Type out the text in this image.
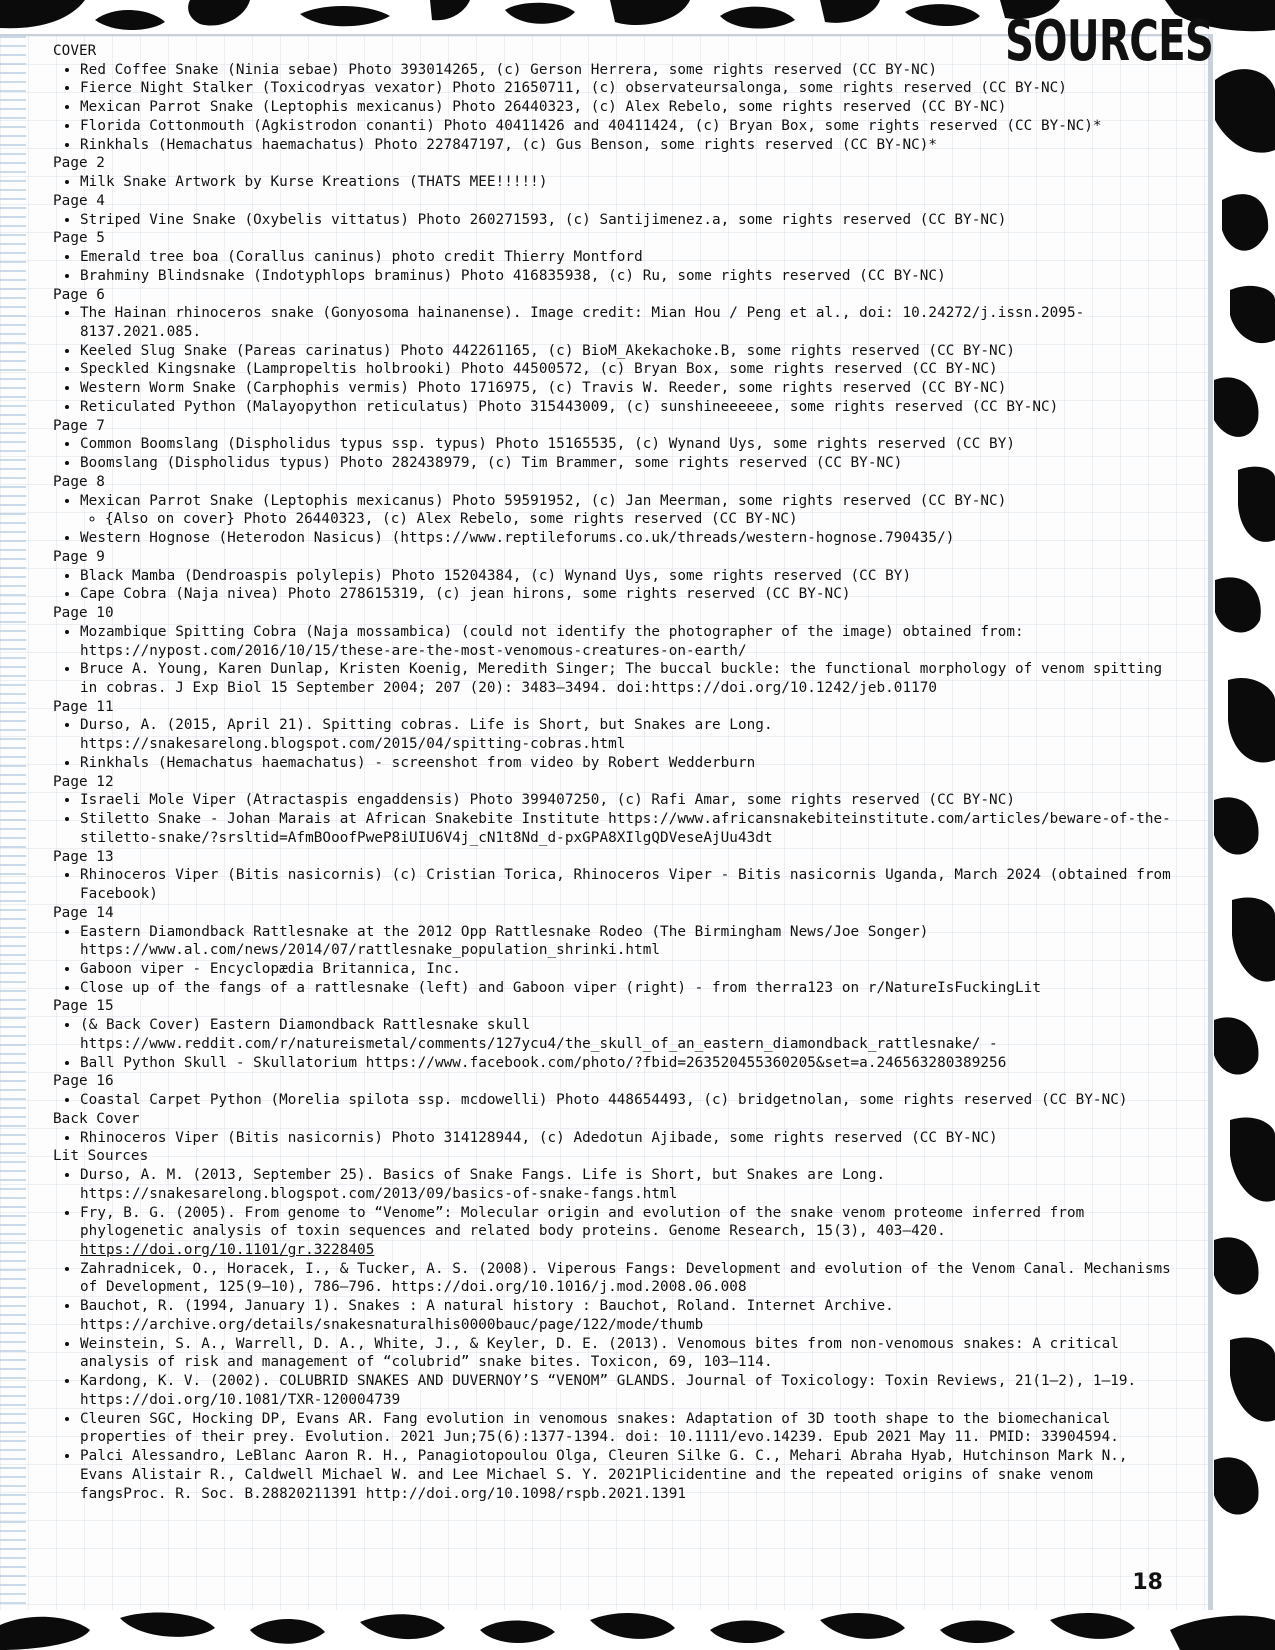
SOURCES

COVER

• Red Coffee Snake (Ninia sebae) Photo 393014265, (c) Gerson Herrera, some rights reserved (CC BY-NC)
• Fierce Night Stalker (Toxicodryas vexator) Photo 21650711, (c) observateursalonga, some rights reserved (CC BY-NC)
• Mexican Parrot Snake (Leptophis mexicanus) Photo 26440323, (c) Alex Rebelo, some rights reserved (CC BY-NC)
• Florida Cottonmouth (Agkistrodon conanti) Photo 40411426 and 40411424, (c) Bryan Box, some rights reserved (CC BY-NC)*
• Rinkhals (Hemachatus haemachatus) Photo 227847197, (c) Gus Benson, some rights reserved (CC BY-NC)*

Page 2

• Milk Snake Artwork by Kurse Kreations (THATS MEE!!!!!)

Page 4

• Striped Vine Snake (Oxybelis vittatus) Photo 260271593, (c) Santijimenez.a, some rights reserved (CC BY-NC)

Page 5

• Emerald tree boa (Corallus caninus) photo credit Thierry Montford
• Brahminy Blindsnake (Indotyphlops braminus) Photo 416835938, (c) Ru, some rights reserved (CC BY-NC)

Page 6

• The Hainan rhinoceros snake (Gonyosoma hainanense). Image credit: Mian Hou / Peng et al., doi: 10.24272/j.issn.2095-8137.2021.085.
• Keeled Slug Snake (Pareas carinatus) Photo 442261165, (c) BioM_Akekachoke.B, some rights reserved (CC BY-NC)
• Speckled Kingsnake (Lampropeltis holbrooki) Photo 44500572, (c) Bryan Box, some rights reserved (CC BY-NC)
• Western Worm Snake (Carphophis vermis) Photo 1716975, (c) Travis W. Reeder, some rights reserved (CC BY-NC)
• Reticulated Python (Malayopython reticulatus) Photo 315443009, (c) sunshineeeeee, some rights reserved (CC BY-NC)

Page 7

• Common Boomslang (Dispholidus typus ssp. typus) Photo 15165535, (c) Wynand Uys, some rights reserved (CC BY)
• Boomslang (Dispholidus typus) Photo 282438979, (c) Tim Brammer, some rights reserved (CC BY-NC)

Page 8

• Mexican Parrot Snake (Leptophis mexicanus) Photo 59591952, (c) Jan Meerman, some rights reserved (CC BY-NC)
◦ {Also on cover} Photo 26440323, (c) Alex Rebelo, some rights reserved (CC BY-NC)
• Western Hognose (Heterodon Nasicus) (https://www.reptileforums.co.uk/threads/western-hognose.790435/)

Page 9

• Black Mamba (Dendroaspis polylepis) Photo 15204384, (c) Wynand Uys, some rights reserved (CC BY)
• Cape Cobra (Naja nivea) Photo 278615319, (c) jean hirons, some rights reserved (CC BY-NC)

Page 10

• Mozambique Spitting Cobra (Naja mossambica) (could not identify the photographer of the image) obtained from: https://nypost.com/2016/10/15/these-are-the-most-venomous-creatures-on-earth/
• Bruce A. Young, Karen Dunlap, Kristen Koenig, Meredith Singer; The buccal buckle: the functional morphology of venom spitting in cobras. J Exp Biol 15 September 2004; 207 (20): 3483–3494. doi:https://doi.org/10.1242/jeb.01170

Page 11

• Durso, A. (2015, April 21). Spitting cobras. Life is Short, but Snakes are Long. https://snakesarelong.blogspot.com/2015/04/spitting-cobras.html
• Rinkhals (Hemachatus haemachatus) - screenshot from video by Robert Wedderburn

Page 12

• Israeli Mole Viper (Atractaspis engaddensis) Photo 399407250, (c) Rafi Amar, some rights reserved (CC BY-NC)
• Stiletto Snake - Johan Marais at African Snakebite Institute https://www.africansnakebiteinstitute.com/articles/beware-of-the-stiletto-snake/?srsltid=AfmBOoofPweP8iUIU6V4j_cN1t8Nd_d-pxGPA8XIlgQDVeseAjUu43dt

Page 13

• Rhinoceros Viper (Bitis nasicornis) (c) Cristian Torica, Rhinoceros Viper - Bitis nasicornis Uganda, March 2024 (obtained from Facebook)

Page 14

• Eastern Diamondback Rattlesnake at the 2012 Opp Rattlesnake Rodeo (The Birmingham News/Joe Songer) https://www.al.com/news/2014/07/rattlesnake_population_shrinki.html
• Gaboon viper - Encyclopædia Britannica, Inc.
• Close up of the fangs of a rattlesnake (left) and Gaboon viper (right) - from therra123 on r/NatureIsFuckingLit

Page 15

• (& Back Cover) Eastern Diamondback Rattlesnake skull https://www.reddit.com/r/natureismetal/comments/127ycu4/the_skull_of_an_eastern_diamondback_rattlesnake/ -
• Ball Python Skull - Skullatorium https://www.facebook.com/photo/?fbid=263520455360205&set=a.246563280389256

Page 16

• Coastal Carpet Python (Morelia spilota ssp. mcdowelli) Photo 448654493, (c) bridgetnolan, some rights reserved (CC BY-NC)

Back Cover

• Rhinoceros Viper (Bitis nasicornis) Photo 314128944, (c) Adedotun Ajibade, some rights reserved (CC BY-NC)

Lit Sources

• Durso, A. M. (2013, September 25). Basics of Snake Fangs. Life is Short, but Snakes are Long. https://snakesarelong.blogspot.com/2013/09/basics-of-snake-fangs.html
• Fry, B. G. (2005). From genome to “Venome”: Molecular origin and evolution of the snake venom proteome inferred from phylogenetic analysis of toxin sequences and related body proteins. Genome Research, 15(3), 403–420. https://doi.org/10.1101/gr.3228405
• Zahradnicek, O., Horacek, I., & Tucker, A. S. (2008). Viperous Fangs: Development and evolution of the Venom Canal. Mechanisms of Development, 125(9–10), 786–796. https://doi.org/10.1016/j.mod.2008.06.008
• Bauchot, R. (1994, January 1). Snakes : A natural history : Bauchot, Roland. Internet Archive. https://archive.org/details/snakesnaturalhis0000bauc/page/122/mode/thumb
• Weinstein, S. A., Warrell, D. A., White, J., & Keyler, D. E. (2013). Venomous bites from non-venomous snakes: A critical analysis of risk and management of “colubrid” snake bites. Toxicon, 69, 103–114.
• Kardong, K. V. (2002). COLUBRID SNAKES AND DUVERNOY’S “VENOM” GLANDS. Journal of Toxicology: Toxin Reviews, 21(1–2), 1–19. https://doi.org/10.1081/TXR-120004739
• Cleuren SGC, Hocking DP, Evans AR. Fang evolution in venomous snakes: Adaptation of 3D tooth shape to the biomechanical properties of their prey. Evolution. 2021 Jun;75(6):1377-1394. doi: 10.1111/evo.14239. Epub 2021 May 11. PMID: 33904594.
• Palci Alessandro, LeBlanc Aaron R. H., Panagiotopoulou Olga, Cleuren Silke G. C., Mehari Abraha Hyab, Hutchinson Mark N., Evans Alistair R., Caldwell Michael W. and Lee Michael S. Y. 2021Plicidentine and the repeated origins of snake venom fangsProc. R. Soc. B.28820211391 http://doi.org/10.1098/rspb.2021.1391
18
